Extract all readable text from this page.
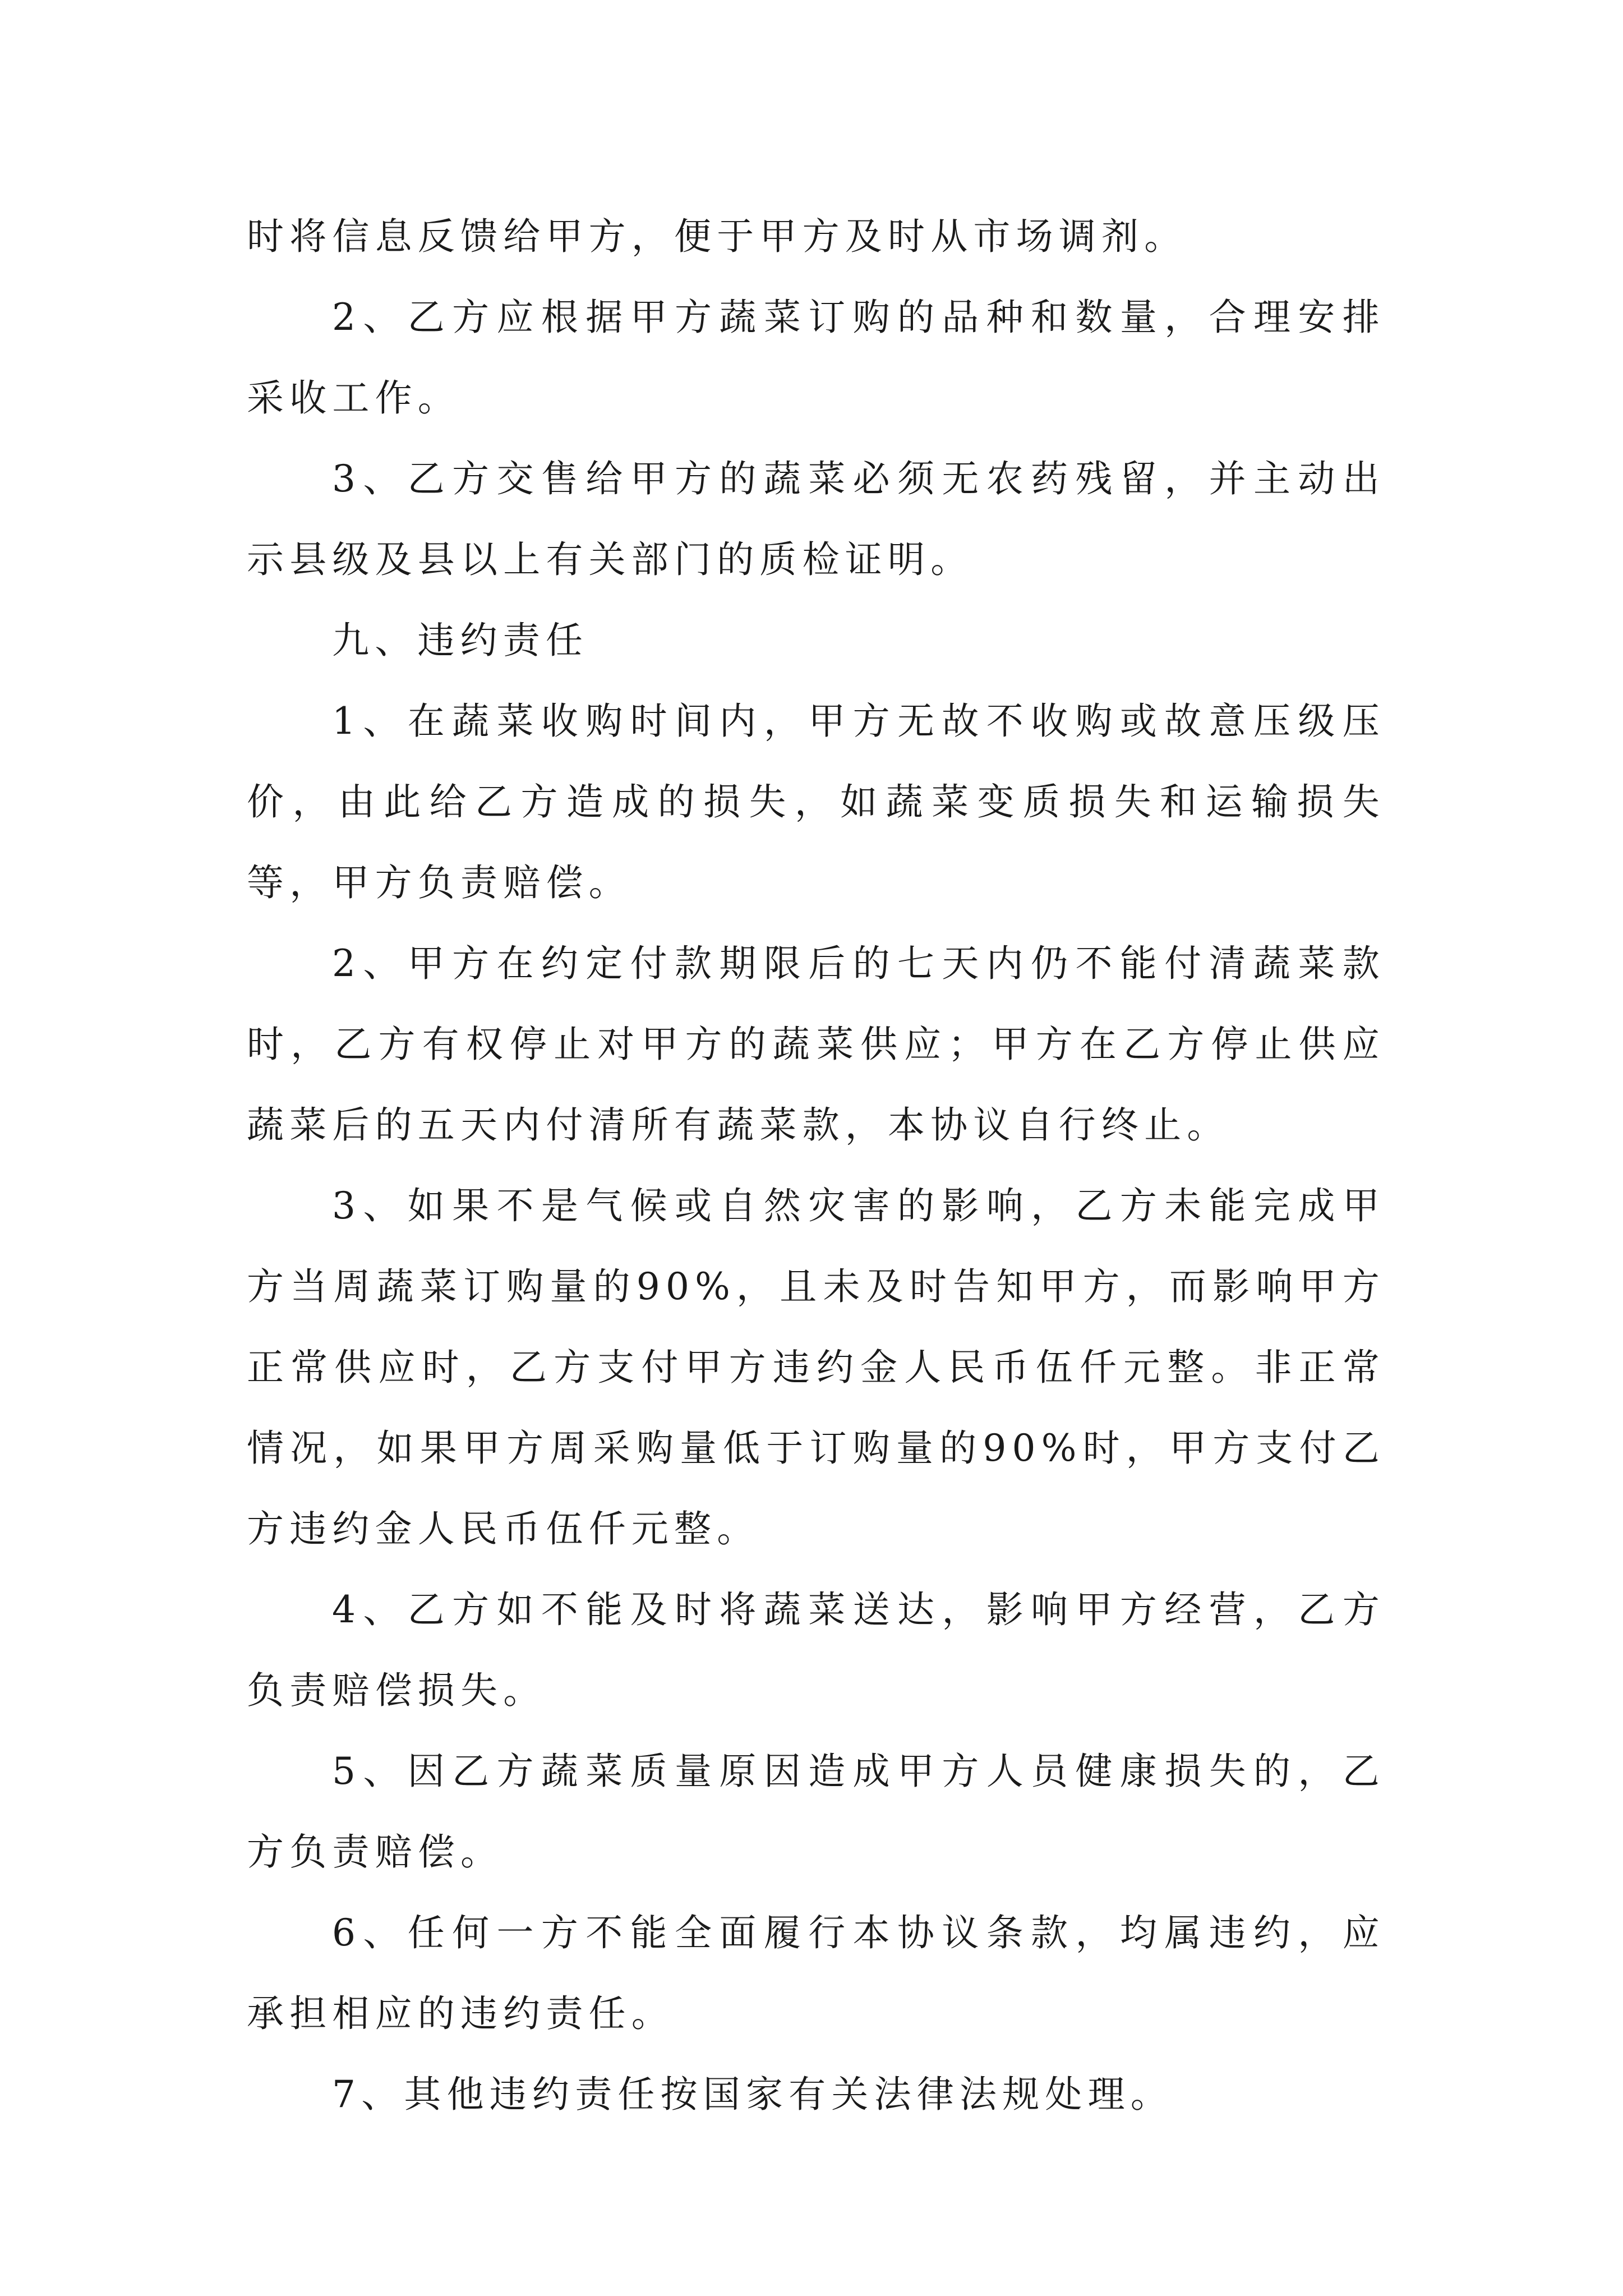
时将信息反馈给甲方，便于甲方及时从市场调剂。

2、乙方应根据甲方蔬菜订购的品种和数量，合理安排采收工作。

3、乙方交售给甲方的蔬菜必须无农药残留，并主动出示县级及县以上有关部门的质检证明。

九、违约责任

1、在蔬菜收购时间内，甲方无故不收购或故意压级压价，由此给乙方造成的损失，如蔬菜变质损失和运输损失等，甲方负责赔偿。

2、甲方在约定付款期限后的七天内仍不能付清蔬菜款时，乙方有权停止对甲方的蔬菜供应；甲方在乙方停止供应蔬菜后的五天内付清所有蔬菜款，本协议自行终止。

3、如果不是气候或自然灾害的影响，乙方未能完成甲方当周蔬菜订购量的90%，且未及时告知甲方，而影响甲方正常供应时，乙方支付甲方违约金人民币伍仟元整。非正常情况，如果甲方周采购量低于订购量的90%时，甲方支付乙方违约金人民币伍仟元整。

4、乙方如不能及时将蔬菜送达，影响甲方经营，乙方负责赔偿损失。

5、因乙方蔬菜质量原因造成甲方人员健康损失的，乙方负责赔偿。

6、任何一方不能全面履行本协议条款，均属违约，应承担相应的违约责任。

7、其他违约责任按国家有关法律法规处理。
